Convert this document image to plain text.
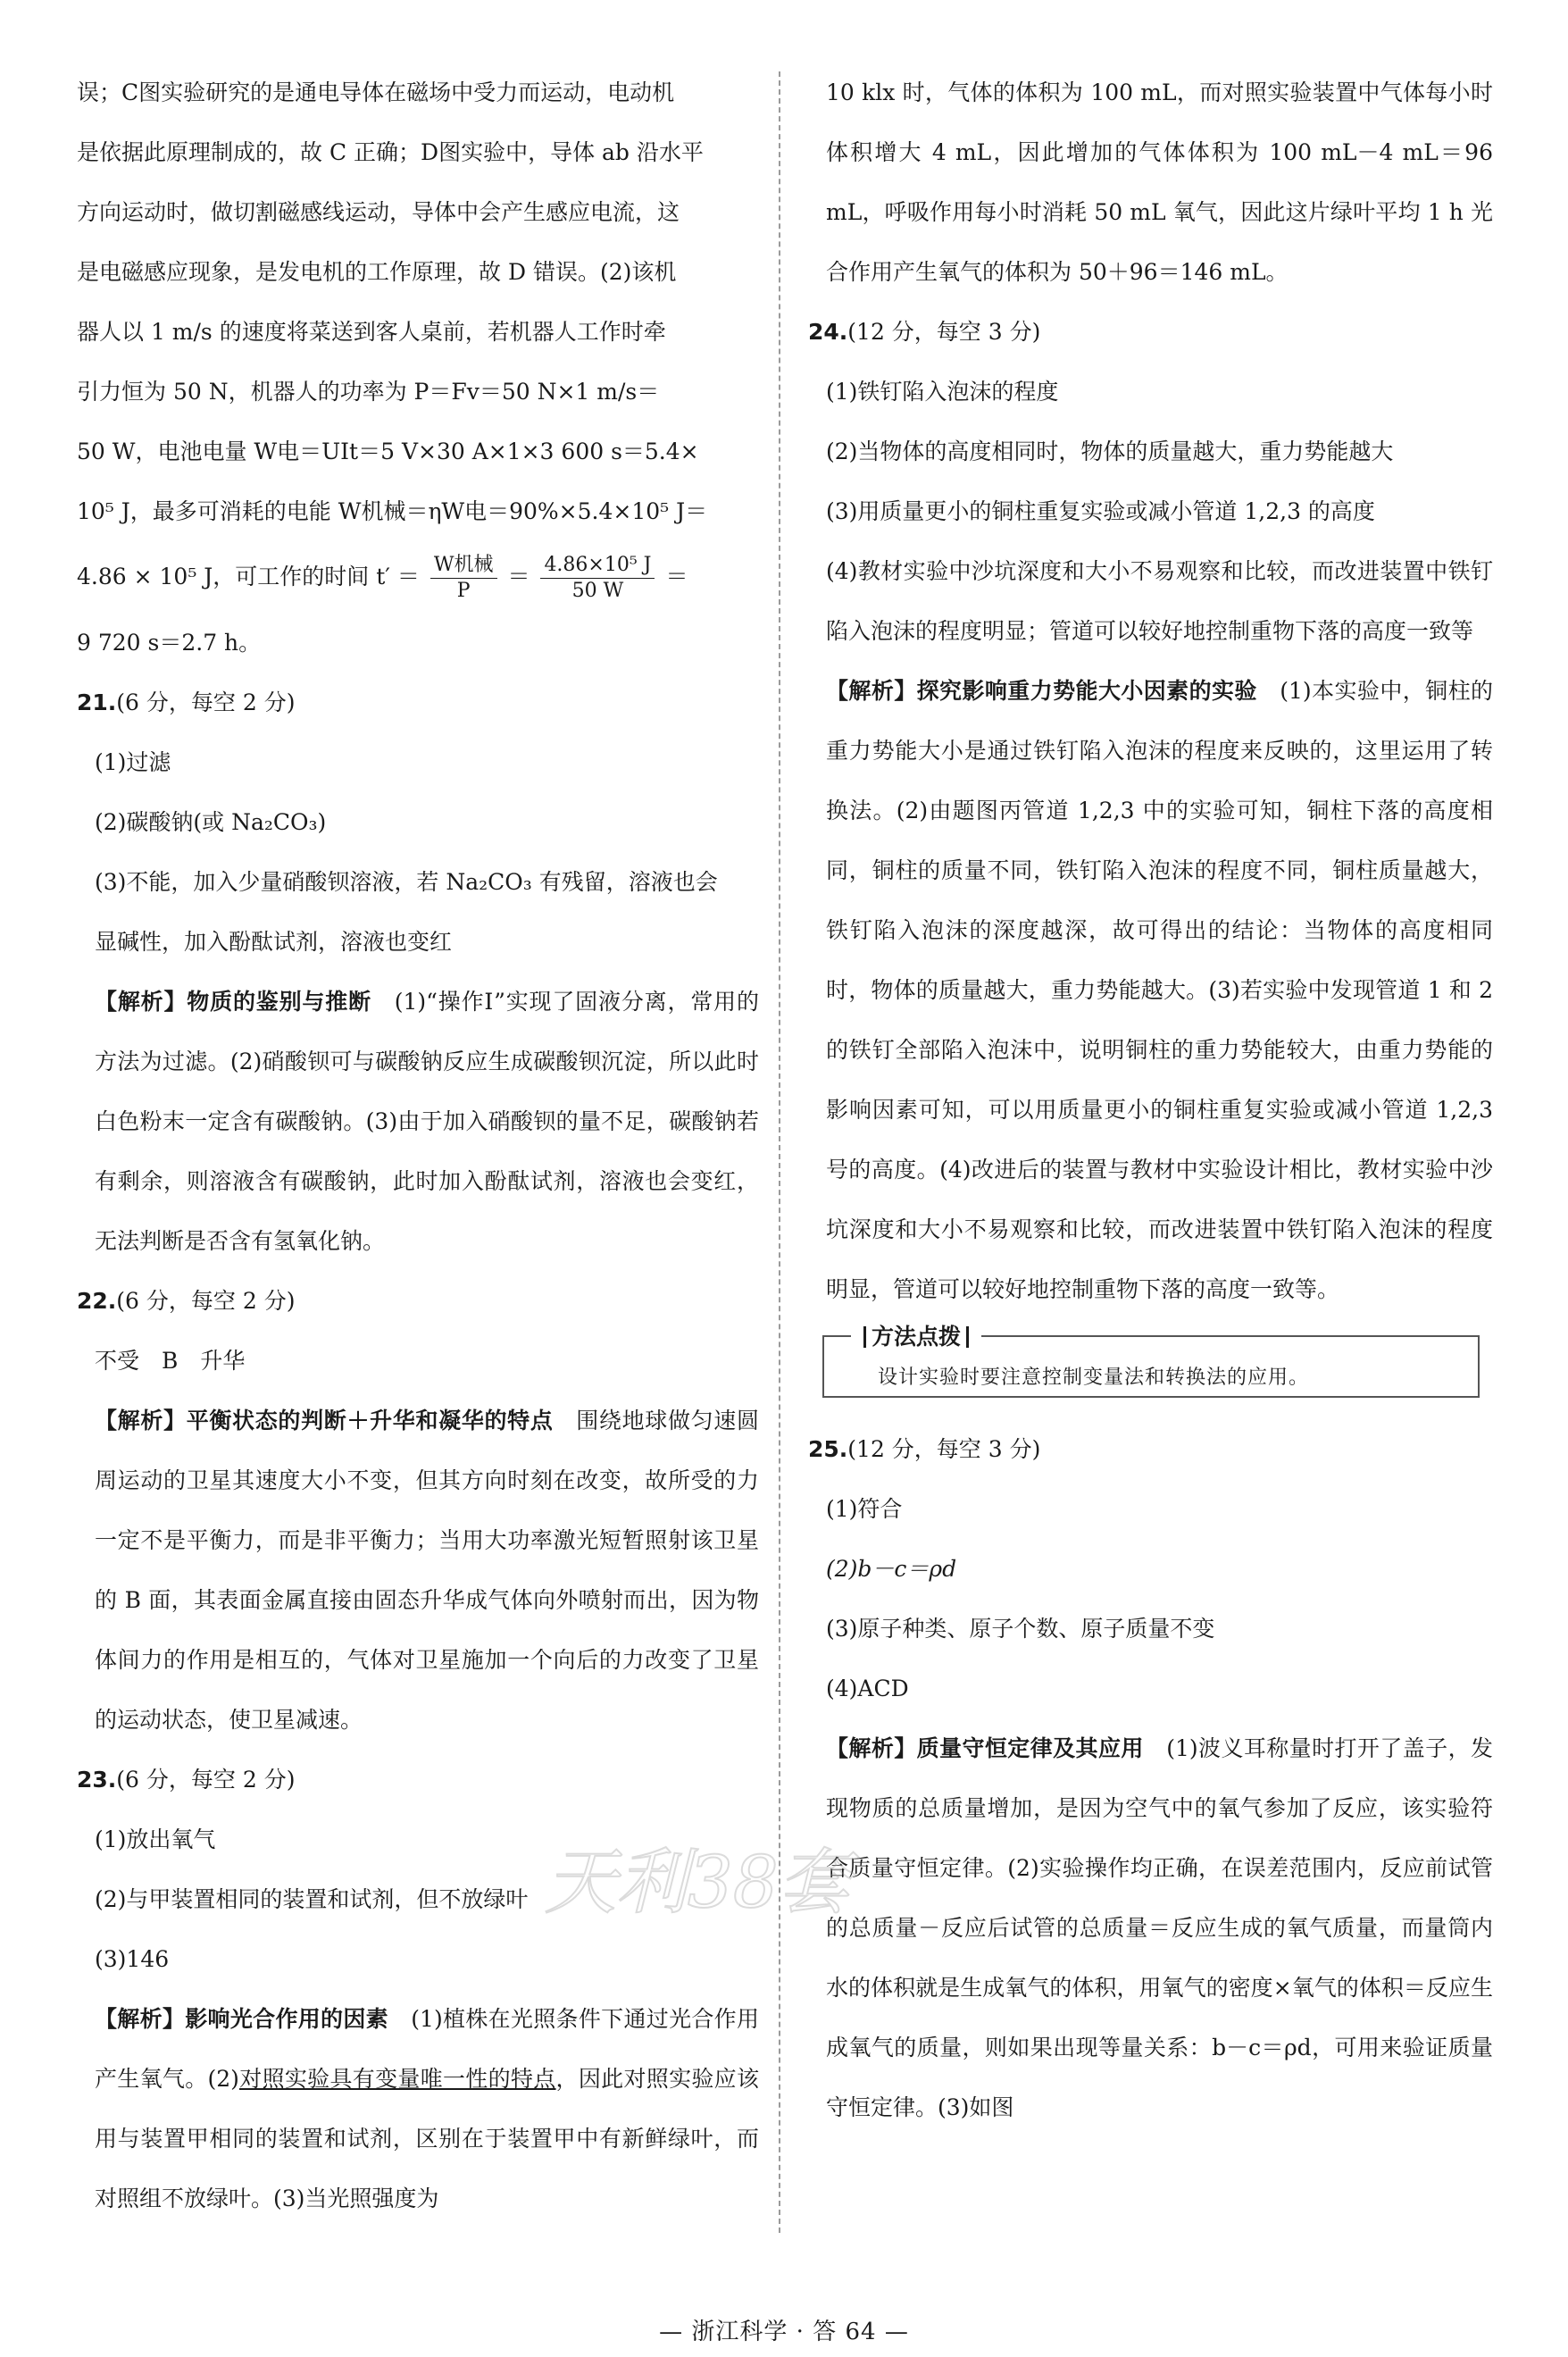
误；C图实验研究的是通电导体在磁场中受力而运动，电动机

是依据此原理制成的，故 C 正确；D图实验中，导体 ab 沿水平

方向运动时，做切割磁感线运动，导体中会产生感应电流，这

是电磁感应现象，是发电机的工作原理，故 D 错误。(2)该机

器人以 1 m/s 的速度将菜送到客人桌前，若机器人工作时牵

引力恒为 50 N，机器人的功率为 P＝Fv＝50 N×1 m/s＝

50 W，电池电量 W电＝UIt＝5 V×30 A×1×3 600 s＝5.4×

10⁵ J，最多可消耗的电能 W机械＝ηW电＝90%×5.4×10⁵ J＝

4.86 × 10⁵ J，可工作的时间 $t' = \frac{\text{W机械}}{P} = \frac{\text{4.86×10⁵ J}}{50 W}$ ＝

9 720 s＝2.7 h。

21.(6 分，每空 2 分)

(1)过滤

(2)碳酸钠(或 Na₂CO₃)

(3)不能，加入少量硝酸钡溶液，若 Na₂CO₃ 有残留，溶液也会

显碱性，加入酚酞试剂，溶液也变红

【解析】物质的鉴别与推断　 (1)“操作Ⅰ”实现了固液分离，常用的方法为过滤。(2)硝酸钡可与碳酸钠反应生成碳酸钡沉淀，所以此时白色粉末一定含有碳酸钠。(3)由于加入硝酸钡的量不足，碳酸钠若有剩余，则溶液含有碳酸钠，此时加入酚酞试剂，溶液也会变红，无法判断是否含有氢氧化钠。

22.(6 分，每空 2 分)

不受　B　升华

【解析】平衡状态的判断＋升华和凝华的特点　 围绕地球做匀速圆周运动的卫星其速度大小不变，但其方向时刻在改变，故所受的力一定不是平衡力，而是非平衡力；当用大功率激光短暂照射该卫星的 B 面，其表面金属直接由固态升华成气体向外喷射而出，因为物体间力的作用是相互的，气体对卫星施加一个向后的力改变了卫星的运动状态，使卫星减速。

23.(6 分，每空 2 分)

(1)放出氧气

(2)与甲装置相同的装置和试剂，但不放绿叶

(3)146

【解析】影响光合作用的因素　 (1)植株在光照条件下通过光合作用产生氧气。(2)对照实验具有变量唯一性的特点，因此对照实验应该用与装置甲相同的装置和试剂，区别在于装置甲中有新鲜绿叶，而对照组不放绿叶。(3)当光照强度为

10 klx 时，气体的体积为 100 mL，而对照实验装置中气体每小时体积增大 4 mL，因此增加的气体体积为 100 mL－4 mL＝96 mL，呼吸作用每小时消耗 50 mL 氧气，因此这片绿叶平均 1 h 光合作用产生氧气的体积为 50＋96＝146 mL。

24.(12 分，每空 3 分)

(1)铁钉陷入泡沫的程度

(2)当物体的高度相同时，物体的质量越大，重力势能越大

(3)用质量更小的铜柱重复实验或减小管道 1,2,3 的高度

(4)教材实验中沙坑深度和大小不易观察和比较，而改进装置中铁钉陷入泡沫的程度明显；管道可以较好地控制重物下落的高度一致等

【解析】探究影响重力势能大小因素的实验　 (1)本实验中，铜柱的重力势能大小是通过铁钉陷入泡沫的程度来反映的，这里运用了转换法。(2)由题图丙管道 1,2,3 中的实验可知，铜柱下落的高度相同，铜柱的质量不同，铁钉陷入泡沫的程度不同，铜柱质量越大，铁钉陷入泡沫的深度越深，故可得出的结论：当物体的高度相同时，物体的质量越大，重力势能越大。(3)若实验中发现管道 1 和 2 的铁钉全部陷入泡沫中，说明铜柱的重力势能较大，由重力势能的影响因素可知，可以用质量更小的铜柱重复实验或减小管道 1,2,3 号的高度。(4)改进后的装置与教材中实验设计相比，教材实验中沙坑深度和大小不易观察和比较，而改进装置中铁钉陷入泡沫的程度明显，管道可以较好地控制重物下落的高度一致等。

方法点拨
设计实验时要注意控制变量法和转换法的应用。

25.(12 分，每空 3 分)

(1)符合

(2)b－c＝ρd

(3)原子种类、原子个数、原子质量不变

(4)ACD

【解析】质量守恒定律及其应用　 (1)波义耳称量时打开了盖子，发现物质的总质量增加，是因为空气中的氧气参加了反应，该实验符合质量守恒定律。(2)实验操作均正确，在误差范围内，反应前试管的总质量－反应后试管的总质量＝反应生成的氧气质量，而量筒内水的体积就是生成氧气的体积，用氧气的密度×氧气的体积＝反应生成氧气的质量，则如果出现等量关系：b－c＝ρd，可用来验证质量守恒定律。(3)如图

天利38套
— 浙江科学 · 答 64 —
